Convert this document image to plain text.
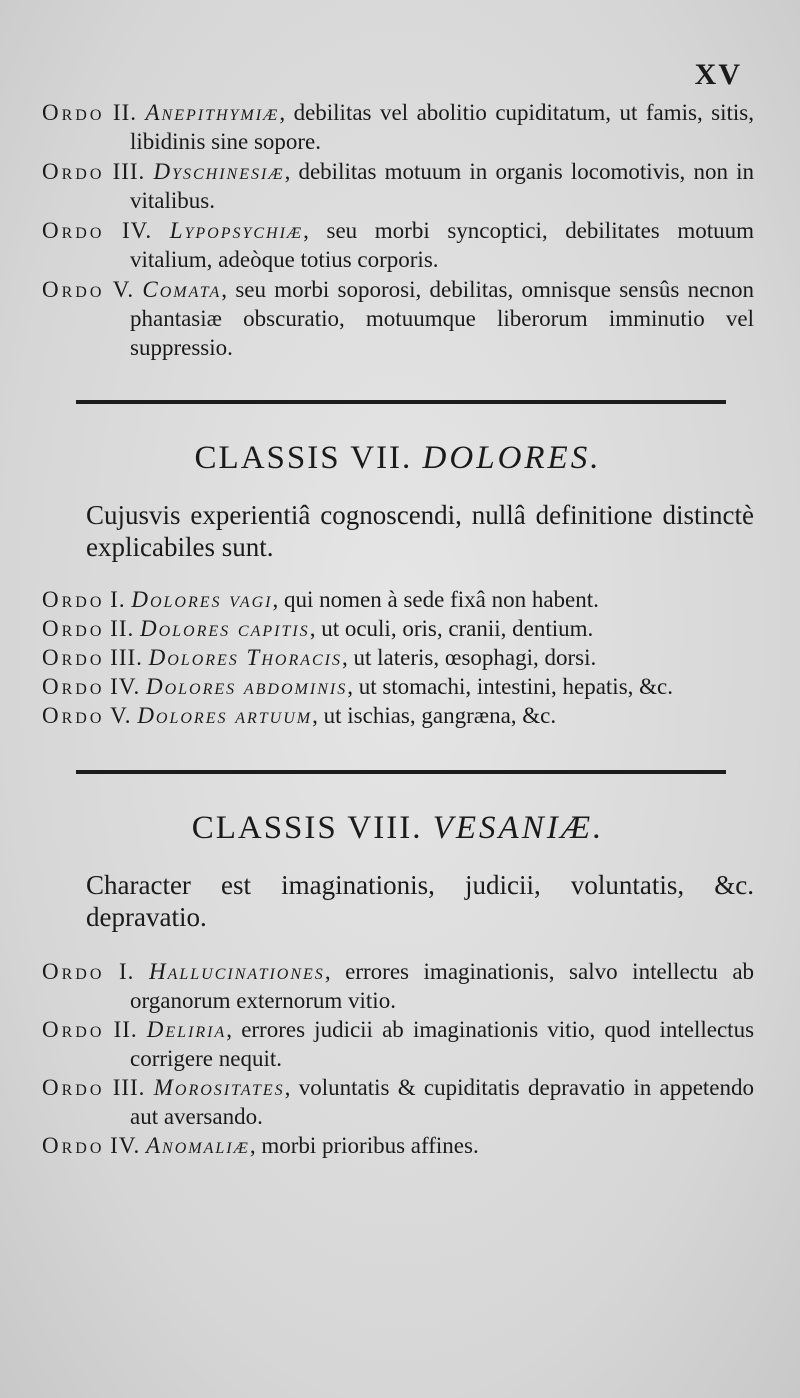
XV
Ordo II. Anepithymiæ, debilitas vel abolitio cupiditatum, ut famis, sitis, libidinis sine sopore.
Ordo III. Dyschinesiæ, debilitas motuum in organis locomotivis, non in vitalibus.
Ordo IV. Lypopsychiæ, seu morbi syncoptici, debilitates motuum vitalium, adeòque totius corporis.
Ordo V. Comata, seu morbi soporosi, debilitas, omnisque sensûs necnon phantasiæ obscuratio, motuumque liberorum imminutio vel suppressio.
CLASSIS VII. DOLORES.
Cujusvis experientiâ cognoscendi, nullâ definitione distinctè explicabiles sunt.
Ordo I. Dolores vagi, qui nomen à sede fixâ non habent.
Ordo II. Dolores capitis, ut oculi, oris, cranii, dentium.
Ordo III. Dolores Thoracis, ut lateris, œsophagi, dorsi.
Ordo IV. Dolores abdominis, ut stomachi, intestini, hepatis, &c.
Ordo V. Dolores artuum, ut ischias, gangræna, &c.
CLASSIS VIII. VESANIÆ.
Character est imaginationis, judicii, voluntatis, &c. depravatio.
Ordo I. Hallucinationes, errores imaginationis, salvo intellectu ab organorum externorum vitio.
Ordo II. Deliria, errores judicii ab imaginationis vitio, quod intellectus corrigere nequit.
Ordo III. Morositates, voluntatis & cupiditatis depravatio in appetendo aut aversando.
Ordo IV. Anomaliæ, morbi prioribus affines.
